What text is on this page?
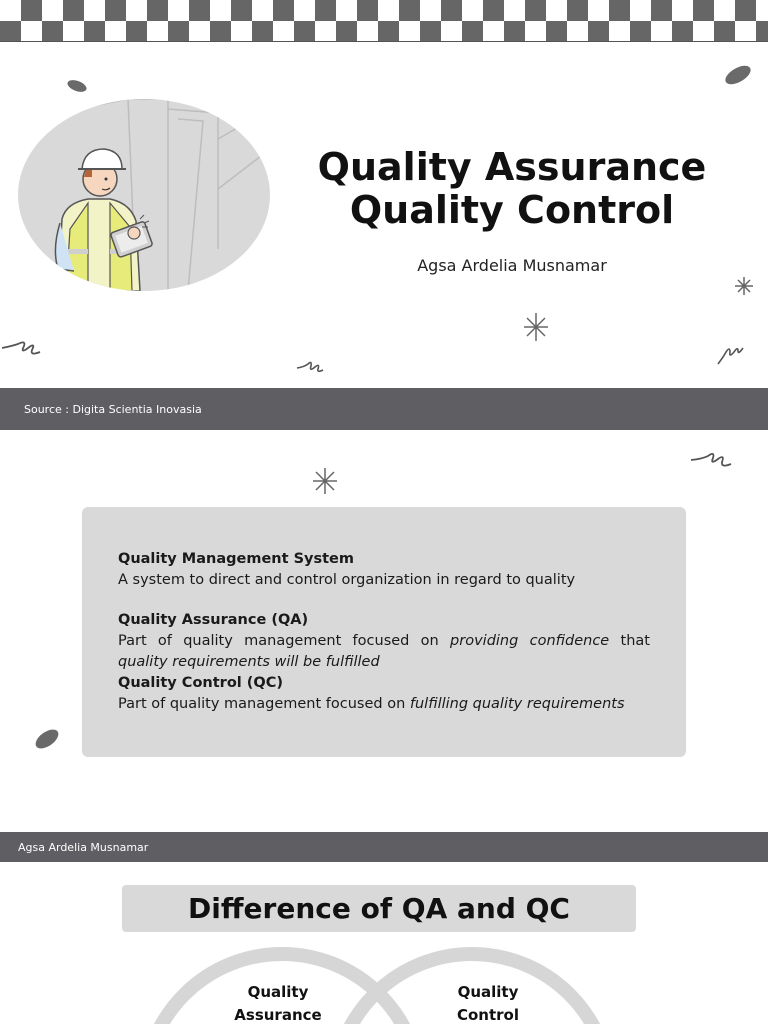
Quality Assurance
Quality Control
Agsa Ardelia Musnamar
Source : Digita Scientia Inovasia
Quality Management System
A system to direct and control organization in regard to quality
Quality Assurance (QA)
Part of quality management focused on providing confidence that quality requirements will be fulfilled
Quality Control (QC)
Part of quality management focused on fulfilling quality requirements
Agsa Ardelia Musnamar
Difference of QA and QC
Quality
Assurance
Quality
Control
